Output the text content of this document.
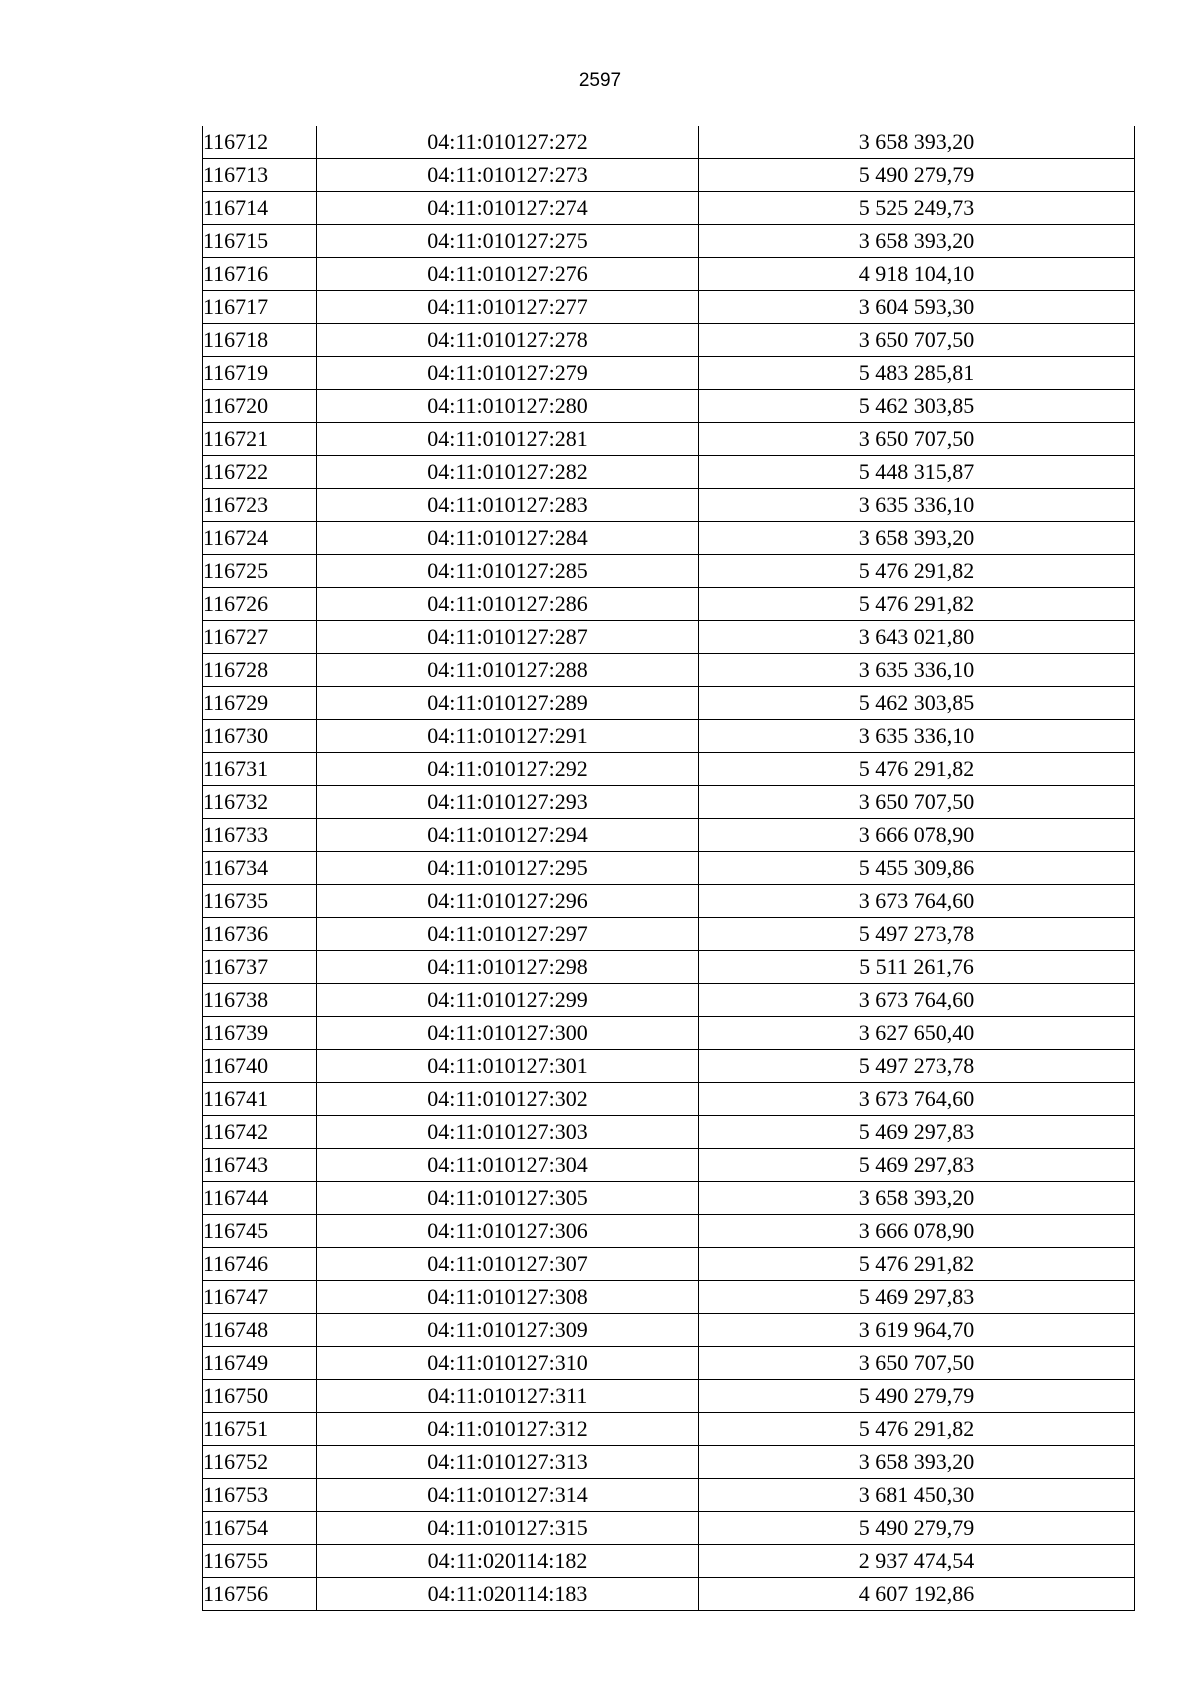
2597
116712	04:11:010127:272	3 658 393,20
116713	04:11:010127:273	5 490 279,79
116714	04:11:010127:274	5 525 249,73
116715	04:11:010127:275	3 658 393,20
116716	04:11:010127:276	4 918 104,10
116717	04:11:010127:277	3 604 593,30
116718	04:11:010127:278	3 650 707,50
116719	04:11:010127:279	5 483 285,81
116720	04:11:010127:280	5 462 303,85
116721	04:11:010127:281	3 650 707,50
116722	04:11:010127:282	5 448 315,87
116723	04:11:010127:283	3 635 336,10
116724	04:11:010127:284	3 658 393,20
116725	04:11:010127:285	5 476 291,82
116726	04:11:010127:286	5 476 291,82
116727	04:11:010127:287	3 643 021,80
116728	04:11:010127:288	3 635 336,10
116729	04:11:010127:289	5 462 303,85
116730	04:11:010127:291	3 635 336,10
116731	04:11:010127:292	5 476 291,82
116732	04:11:010127:293	3 650 707,50
116733	04:11:010127:294	3 666 078,90
116734	04:11:010127:295	5 455 309,86
116735	04:11:010127:296	3 673 764,60
116736	04:11:010127:297	5 497 273,78
116737	04:11:010127:298	5 511 261,76
116738	04:11:010127:299	3 673 764,60
116739	04:11:010127:300	3 627 650,40
116740	04:11:010127:301	5 497 273,78
116741	04:11:010127:302	3 673 764,60
116742	04:11:010127:303	5 469 297,83
116743	04:11:010127:304	5 469 297,83
116744	04:11:010127:305	3 658 393,20
116745	04:11:010127:306	3 666 078,90
116746	04:11:010127:307	5 476 291,82
116747	04:11:010127:308	5 469 297,83
116748	04:11:010127:309	3 619 964,70
116749	04:11:010127:310	3 650 707,50
116750	04:11:010127:311	5 490 279,79
116751	04:11:010127:312	5 476 291,82
116752	04:11:010127:313	3 658 393,20
116753	04:11:010127:314	3 681 450,30
116754	04:11:010127:315	5 490 279,79
116755	04:11:020114:182	2 937 474,54
116756	04:11:020114:183	4 607 192,86
